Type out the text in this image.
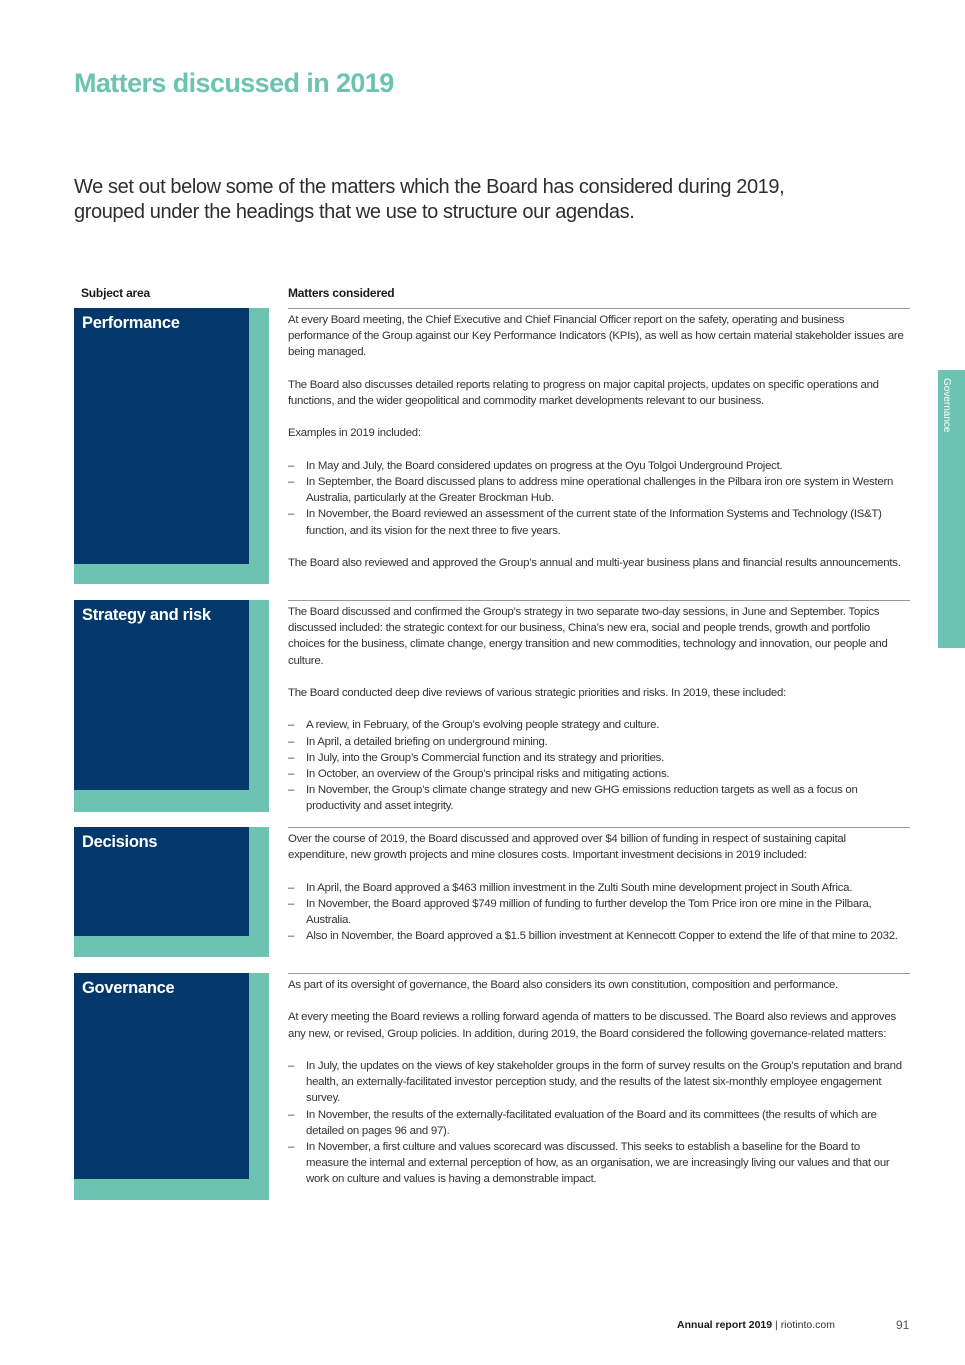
Matters discussed in 2019

We set out below some of the matters which the Board has considered during 2019, grouped under the headings that we use to structure our agendas.

Governance
Subject area	Matters considered
Performance	At every Board meeting, the Chief Executive and Chief Financial Officer report on the safety, operating and business performance of the Group against our Key Performance Indicators (KPIs), as well as how certain material stakeholder issues are being managed.

The Board also discusses detailed reports relating to progress on major capital projects, updates on specific operations and functions, and the wider geopolitical and commodity market developments relevant to our business.

Examples in 2019 included:

– In May and July, the Board considered updates on progress at the Oyu Tolgoi Underground Project.
– In September, the Board discussed plans to address mine operational challenges in the Pilbara iron ore system in Western Australia, particularly at the Greater Brockman Hub.
– In November, the Board reviewed an assessment of the current state of the Information Systems and Technology (IS&T) function, and its vision for the next three to five years.

The Board also reviewed and approved the Group’s annual and multi-year business plans and financial results announcements.

Strategy and risk	The Board discussed and confirmed the Group’s strategy in two separate two-day sessions, in June and September. Topics discussed included: the strategic context for our business, China’s new era, social and people trends, growth and portfolio choices for the business, climate change, energy transition and new commodities, technology and innovation, our people and culture.

The Board conducted deep dive reviews of various strategic priorities and risks. In 2019, these included:

– A review, in February, of the Group’s evolving people strategy and culture.
– In April, a detailed briefing on underground mining.
– In July, into the Group’s Commercial function and its strategy and priorities.
– In October, an overview of the Group’s principal risks and mitigating actions.
– In November, the Group’s climate change strategy and new GHG emissions reduction targets as well as a focus on productivity and asset integrity.
Decisions	Over the course of 2019, the Board discussed and approved over $4 billion of funding in respect of sustaining capital expenditure, new growth projects and mine closures costs. Important investment decisions in 2019 included:

– In April, the Board approved a $463 million investment in the Zulti South mine development project in South Africa.
– In November, the Board approved $749 million of funding to further develop the Tom Price iron ore mine in the Pilbara, Australia.
– Also in November, the Board approved a $1.5 billion investment at Kennecott Copper to extend the life of that mine to 2032.
Governance	As part of its oversight of governance, the Board also considers its own constitution, composition and performance.

At every meeting the Board reviews a rolling forward agenda of matters to be discussed. The Board also reviews and approves any new, or revised, Group policies. In addition, during 2019, the Board considered the following governance-related matters:

– In July, the updates on the views of key stakeholder groups in the form of survey results on the Group’s reputation and brand health, an externally-facilitated investor perception study, and the results of the latest six-monthly employee engagement survey.
– In November, the results of the externally-facilitated evaluation of the Board and its committees (the results of which are detailed on pages 96 and 97).
– In November, a first culture and values scorecard was discussed. This seeks to establish a baseline for the Board to measure the internal and external perception of how, as an organisation, we are increasingly living our values and that our work on culture and values is having a demonstrable impact.
Annual report 2019 | riotinto.com	91
